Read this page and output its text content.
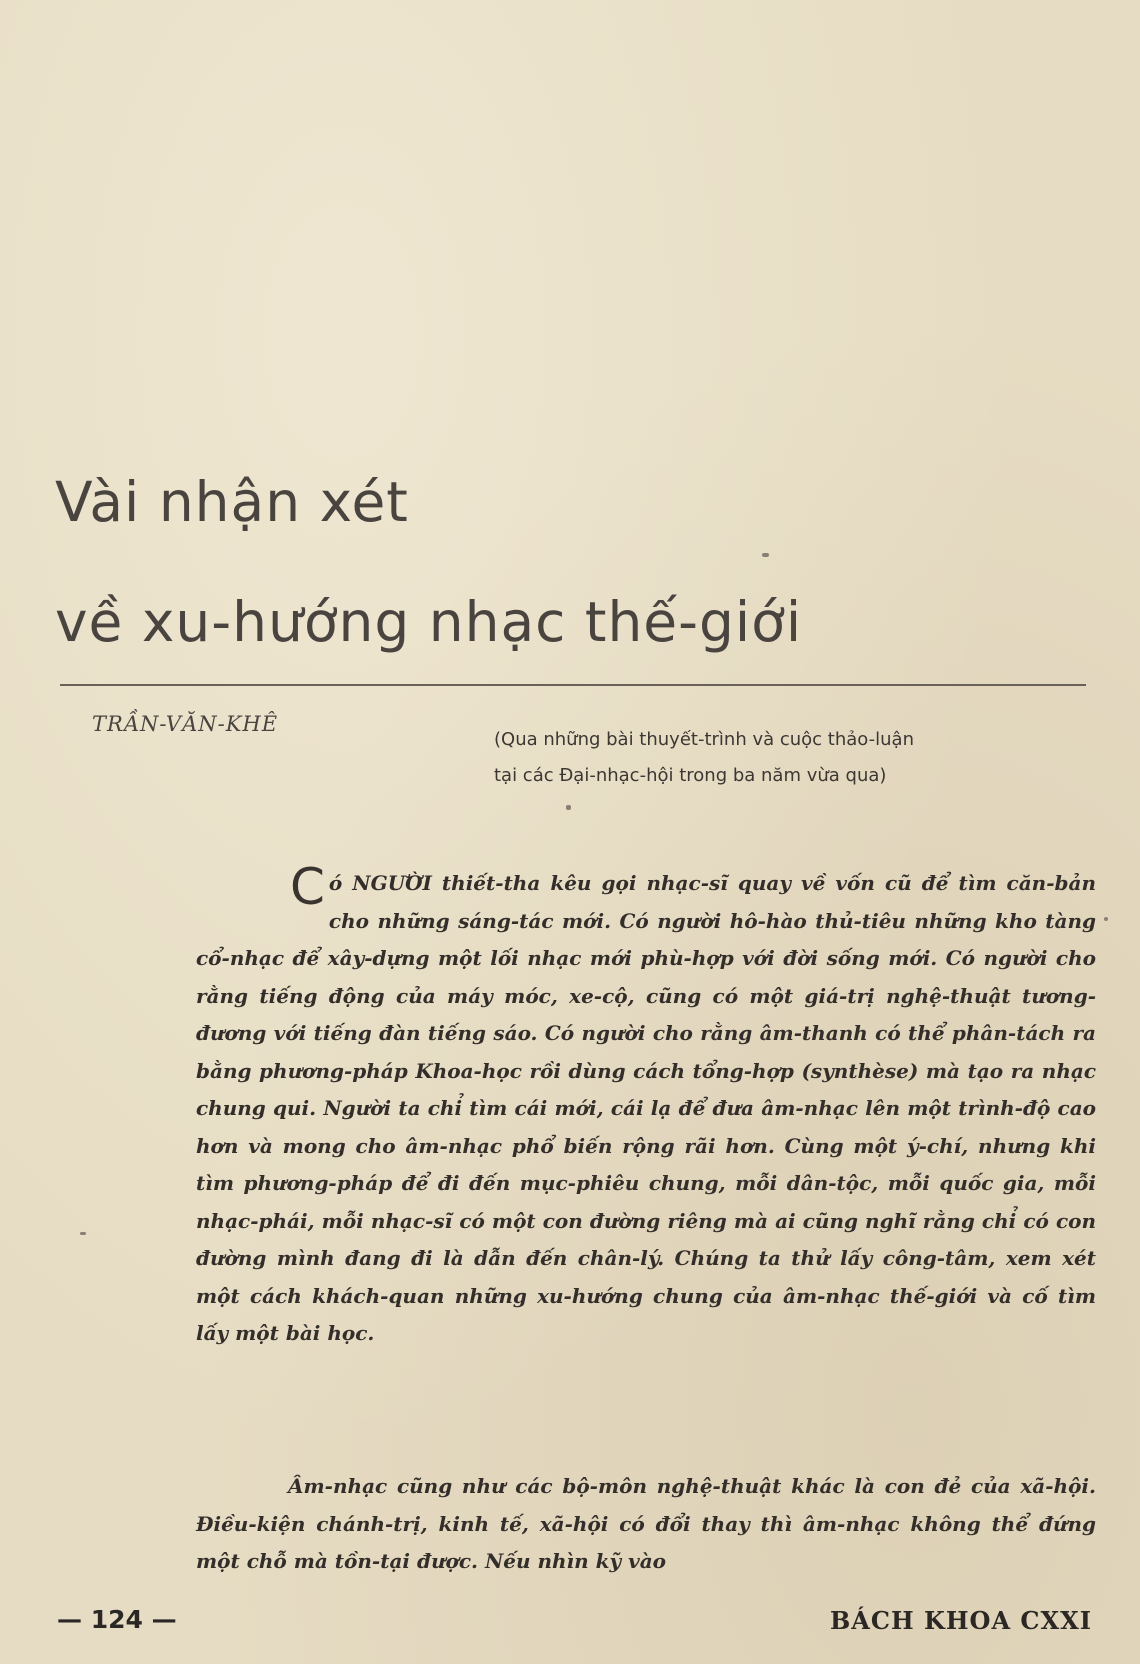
Vài nhận xét
về xu-hướng nhạc thế-giới
TRẦN-VĂN-KHÊ
(Qua những bài thuyết-trình và cuộc thảo-luận
tại các Đại-nhạc-hội trong ba năm vừa qua)
Có NGƯỜI thiết-tha kêu gọi nhạc-sĩ quay về vốn cũ để tìm căn-bản cho những sáng-tác mới. Có người hô-hào thủ-tiêu những kho tàng cổ-nhạc để xây-dựng một lối nhạc mới phù-hợp với đời sống mới. Có người cho rằng tiếng động của máy móc, xe-cộ, cũng có một giá-trị nghệ-thuật tương-đương với tiếng đàn tiếng sáo. Có người cho rằng âm-thanh có thể phân-tách ra bằng phương-pháp Khoa-học rồi dùng cách tổng-hợp (synthèse) mà tạo ra nhạc chung qui. Người ta chỉ tìm cái mới, cái lạ để đưa âm-nhạc lên một trình-độ cao hơn và mong cho âm-nhạc phổ biến rộng rãi hơn. Cùng một ý-chí, nhưng khi tìm phương-pháp để đi đến mục-phiêu chung, mỗi dân-tộc, mỗi quốc gia, mỗi nhạc-phái, mỗi nhạc-sĩ có một con đường riêng mà ai cũng nghĩ rằng chỉ có con đường mình đang đi là dẫn đến chân-lý. Chúng ta thử lấy công-tâm, xem xét một cách khách-quan những xu-hướng chung của âm-nhạc thế-giới và cố tìm lấy một bài học.
Âm-nhạc cũng như các bộ-môn nghệ-thuật khác là con đẻ của xã-hội. Điều-kiện chánh-trị, kinh tế, xã-hội có đổi thay thì âm-nhạc không thể đứng một chỗ mà tồn-tại được. Nếu nhìn kỹ vào
— 124 —	BÁCH KHOA CXXI
